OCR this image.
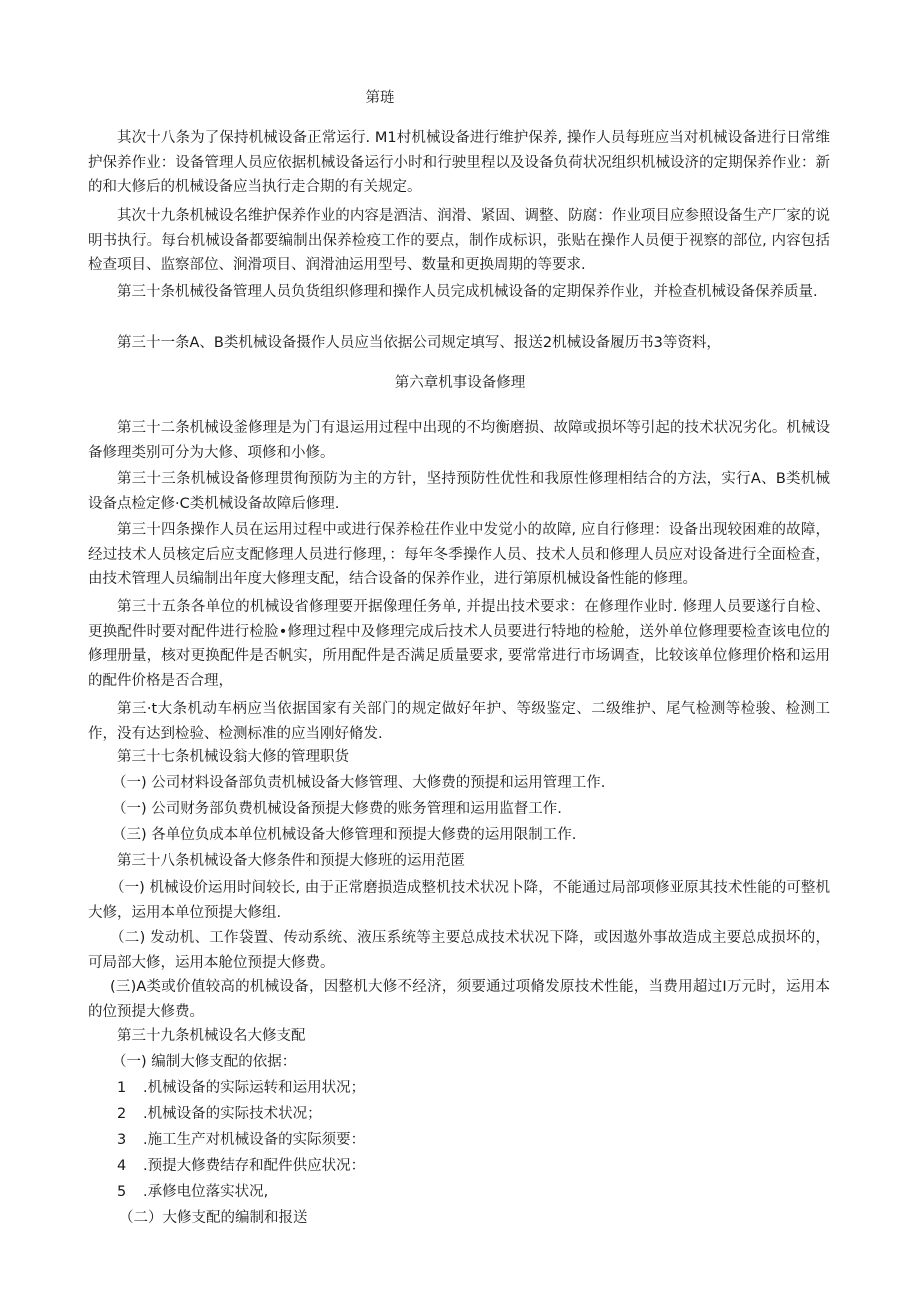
第琏

其次十八条为了保持机械设备正常运行. M1村机械设备进行维护保养, 操作人员每班应当对机械设备进行日常维护保养作业：设备管理人员应依据机械设备运行小时和行驶里程以及设备负荷状况组织机械设济的定期保养作业：新的和大修后的机械设备应当执行走合期的有关规定。

其次十九条机械设名维护保养作业的内容是酒洁、润滑、紧固、调整、防腐：作业项目应参照设备生产厂家的说明书执行。每台机械设备都要编制出保养检疫工作的要点，制作成标识，张贴在操作人员便于视察的部位, 内容包括检查项目、监察部位、涧滑项目、润滑油运用型号、数量和更换周期的等要求.

第三十条机械役备管理人员负货组织修理和操作人员完成机械设备的定期保养作业，并检查机械设备保养质量.

第三十一条A、B类机械设备摄作人员应当依据公司规定填写、报送2机械设备履历书3等资料，

第六章机事设备修理

第三十二条机械设釜修理是为门有退运用过程中出现的不均衡磨损、故障或损坏等引起的技术状况劣化。机械设备修理类别可分为大修、项修和小修。

第三十三条机械设备修理贯徇预防为主的方针，坚持预防性优性和我原性修理相结合的方法，实行A、B类机械设备点检定修·C类机械设备故障后修理.

第三十四条操作人员在运用过程中或进行保养检茌作业中发觉小的故障, 应自行修理：设备出现较困难的故障，经过技术人员核定后应支配修理人员进行修理，：每年冬季操作人员、技术人员和修理人员应对设备进行全面检査，由技术管理人员编制出年度大修理支配，结合设备的保养作业，进行第原机械设备性能的修理。

第三十五条各单位的机械设省修理要开据像理任务单, 并提出技术要求：在修理作业时. 修理人员要遂行自检、更换配件时要对配件进行检脸•修理过程中及修理完成后技术人员要进行特地的检舱，送外单位修理要检查该电位的修理册量，核对更换配件是否帆实，所用配件是否满足质量要求, 要常常进行市场调查，比较该单位修理价格和运用的配件价格是否合理，

第三·t大条机动车柄应当依据国家有关部门的规定做好年护、等级鉴定、二级维护、尾气检测等检骏、检测工作，没有达到检验、检测标准的应当刚好脩发.

第三十七条机械设翁大修的管理职货
（一) 公司材料设备部负责机械设备大修管理、大修费的预提和运用管理工作.
（一) 公司财务部负费机械设备预提大修费的账务管理和运用监督工作.
（三) 各单位负成本单位机械设备大修管理和预提大修费的运用限制工作.
第三十八条机械设备大修条件和预提大修班的运用范匿

（一) 机械设价运用时间较长, 由于正常磨损造成整机技术状况卜降，不能通过局部项修亚原其技术性能的可整机大修，运用本单位预提大修组.

（二) 发动机、工作袋置、传动系统、液压系统等主要总成技术状况下降，或因遨外事故造成主要总成损坏的，可局部大修，运用本舱位预提大修费。

(三)A类或价值较高的机械设备，因整机大修不经济，须要通过项脩发原技术性能，当费用超过I万元时，运用本的位预提大修费。

第三十九条机械设名大修支配
（一) 编制大修支配的依据：
1 .机械设备的实际运转和运用状况；
2 .机械设备的实际技术状况；
3 .施工生产对机械设备的实际须要：
4 .预提大修费结存和配件供应状况：
5 .承修电位落实状况,
（二）大修支配的编制和报送
